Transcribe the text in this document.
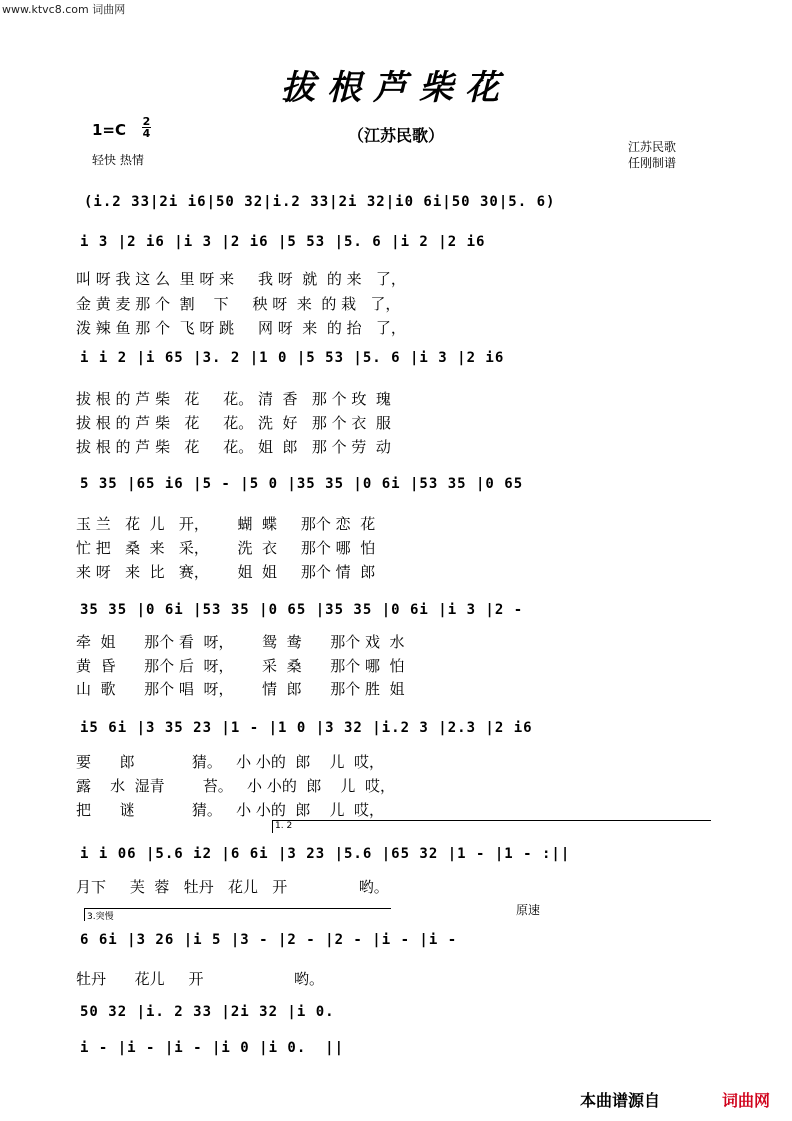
www.ktvc8.com 词曲网
拔根芦柴花
（江苏民歌）
1=C 2
4
轻快 热情
江苏民歌
任刚制谱
(i.2 33|2i i6|50 32|i.2 33|2i 32|i0 6i|50 30|5. 6)
i 3 |2 i6 |i 3 |2 i6 |5 53 |5. 6 |i 2 |2 i6
叫 呀 我 这 么  里 呀 来     我 呀  就  的 来   了，
金 黄 麦 那 个  割    下     秧 呀  来  的 栽   了，
泼 辣 鱼 那 个  飞 呀 跳     网 呀  来  的 抬   了，
i i 2 |i 65 |3. 2 |1 0 |5 53 |5. 6 |i 3 |2 i6
拔 根 的 芦 柴   花     花。 清  香   那 个 玫  瑰
拔 根 的 芦 柴   花     花。 洗  好   那 个 衣  服
拔 根 的 芦 柴   花     花。 姐  郎   那 个 劳  动
5 35 |65 i6 |5 - |5 0 |35 35 |0 6i |53 35 |0 65
玉 兰   花  儿   开，      蝴  蝶     那个 恋  花
忙 把   桑  来   采，      洗  衣     那个 哪  怕
来 呀   来  比   赛，      姐  姐     那个 情  郎
35 35 |0 6i |53 35 |0 65 |35 35 |0 6i |i 3 |2 -
牵  姐      那个 看  呀，      鸳  鸯      那个 戏  水
黄  昏      那个 后  呀，      采  桑      那个 哪  怕
山  歌      那个 唱  呀，      情  郎      那个 胜  姐
i5 6i |3 35 23 |1 - |1 0 |3 32 |i.2 3 |2.3 |2 i6
要      郎            猜。   小 小的  郎    儿  哎，
露    水  湿青        苔。   小 小的  郎    儿  哎，
把      谜            猜。   小 小的  郎    儿  哎，
1. 2
i i 06 |5.6 i2 |6 6i |3 23 |5.6 |65 32 |1 - |1 - :||
月下     芙  蓉   牡丹   花儿   开               哟。
3.突慢	原速
6 6i |3 26 |i 5 |3 - |2 - |2 - |i - |i -
牡丹      花儿     开                   哟。
50 32 |i. 2 33 |2i 32 |i 0.
i - |i - |i - |i 0 |i 0.  ||
本曲谱源自	词曲网
